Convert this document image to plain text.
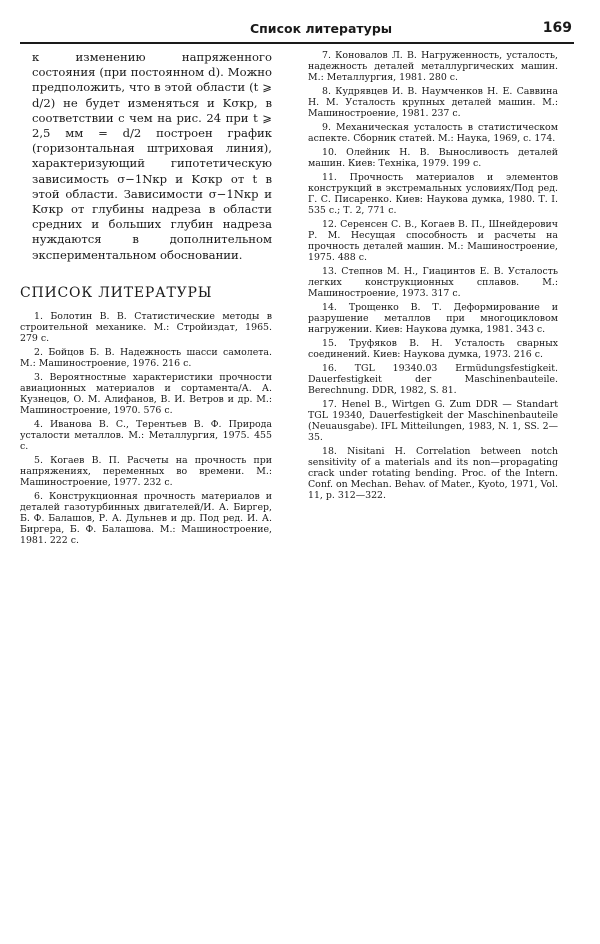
Список литературы	169

к изменению напряженного состояния (при постоянном d). Можно предположить, что в этой области (t ⩾ d/2) не будет изменяться и Kσкр, в соответствии с чем на рис. 24 при t ⩾ 2,5 мм = d/2 построен график (горизонтальная штриховая линия), характеризующий гипотетическую зависимость σ−1Nкр и Kσкр от t в этой области. Зависимости σ−1Nкр и Kσкр от глубины надреза в области средних и больших глубин надреза нуждаются в дополнительном экспериментальном обосновании.

СПИСОК ЛИТЕРАТУРЫ

1. Болотин В. В. Статистические методы в строительной механике. М.: Стройиздат, 1965. 279 с.

2. Бойцов Б. В. Надежность шасси самолета. М.: Машиностроение, 1976. 216 с.

3. Вероятностные характеристики прочности авиационных материалов и сортамента/А. А. Кузнецов, О. М. Алифанов, В. И. Ветров и др. М.: Машиностроение, 1970. 576 с.

4. Иванова В. С., Терентьев В. Ф. Природа усталости металлов. М.: Металлургия, 1975. 455 с.

5. Когаев В. П. Расчеты на прочность при напряжениях, переменных во времени. М.: Машиностроение, 1977. 232 с.

6. Конструкционная прочность материалов и деталей газотурбинных двигателей/И. А. Биргер, Б. Ф. Балашов, Р. А. Дульнев и др. Под ред. И. А. Биргера, Б. Ф. Балашова. М.: Машиностроение, 1981. 222 с.

7. Коновалов Л. В. Нагруженность, усталость, надежность деталей металлургических машин. М.: Металлургия, 1981. 280 с.

8. Кудрявцев И. В. Наумченков Н. Е. Саввина Н. М. Усталость крупных деталей машин. М.: Машиностроение, 1981. 237 с.

9. Механическая усталость в статистическом аспекте. Сборник статей. М.: Наука, 1969, с. 174.

10. Олейник Н. В. Выносливость деталей машин. Киев: Техніка, 1979. 199 с.

11. Прочность материалов и элементов конструкций в экстремальных условиях/Под ред. Г. С. Писаренко. Киев: Наукова думка, 1980. Т. I. 535 с.; Т. 2, 771 с.

12. Серенсен С. В., Когаев В. П., Шнейдерович Р. М. Несущая способность и расчеты на прочность деталей машин. М.: Машиностроение, 1975. 488 с.

13. Степнов М. Н., Гиацинтов Е. В. Усталость легких конструкционных сплавов. М.: Машиностроение, 1973. 317 с.

14. Трощенко В. Т. Деформирование и разрушение металлов при многоцикловом нагружении. Киев: Наукова думка, 1981. 343 с.

15. Труфяков В. Н. Усталость сварных соединений. Киев: Наукова думка, 1973. 216 с.

16. TGL 19340.03 Ermüdungsfestigkeit. Dauerfestigkeit der Maschinenbauteile. Berechnung. DDR, 1982, S. 81.

17. Henel B., Wirtgen G. Zum DDR — Standart TGL 19340, Dauerfestigkeit der Maschinenbauteile (Neuausgabe). IFL Mitteilungen, 1983, N. 1, SS. 2—35.

18. Nisitani H. Correlation between notch sensitivity of a materials and its non—propagating crack under rotating bending. Proc. of the Intern. Conf. on Mechan. Behav. of Mater., Kyoto, 1971, Vol. 11, p. 312—322.
